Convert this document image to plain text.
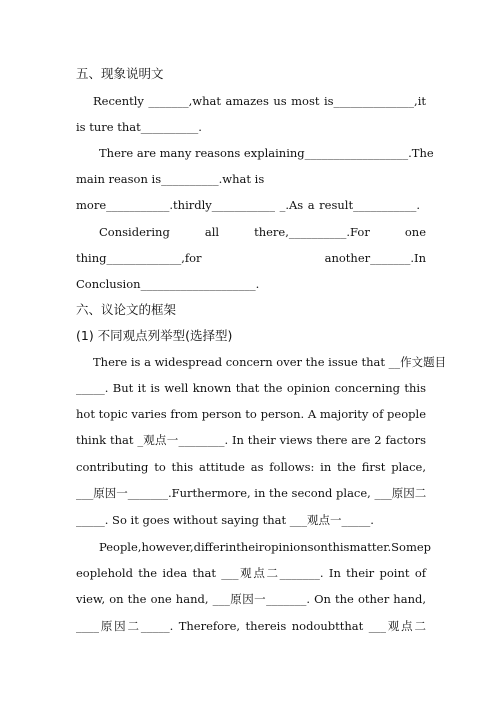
五、现象说明文
Recently _______,what amazes us most is______________,it
is ture that__________.
There are many reasons explaining__________________.The
main reason is__________.what is
more___________.thirdly___________ _.As a result___________.
Considering all there,__________.For one
thing_____________,for another_______.In
Conclusion____________________.
六、议论文的框架
(1) 不同观点列举型(选择型)
There is a widespread concern over the issue that __作文题目
_____. But it is well known that the opinion concerning this
hot topic varies from person to person. A majority of people
think that _观点一________. In their views there are 2 factors
contributing to this attitude as follows: in the first place,
___原因一_______.Furthermore, in the second place, ___原因二
_____. So it goes without saying that ___观点一_____.
People,however,differintheiropinionsonthismatter.Somep
eoplehold the idea that ___观点二_______. In their point of
view, on the one hand, ___原因一_______. On the other hand,
____原因二_____. Therefore, thereis nodoubtthat ___观点二
